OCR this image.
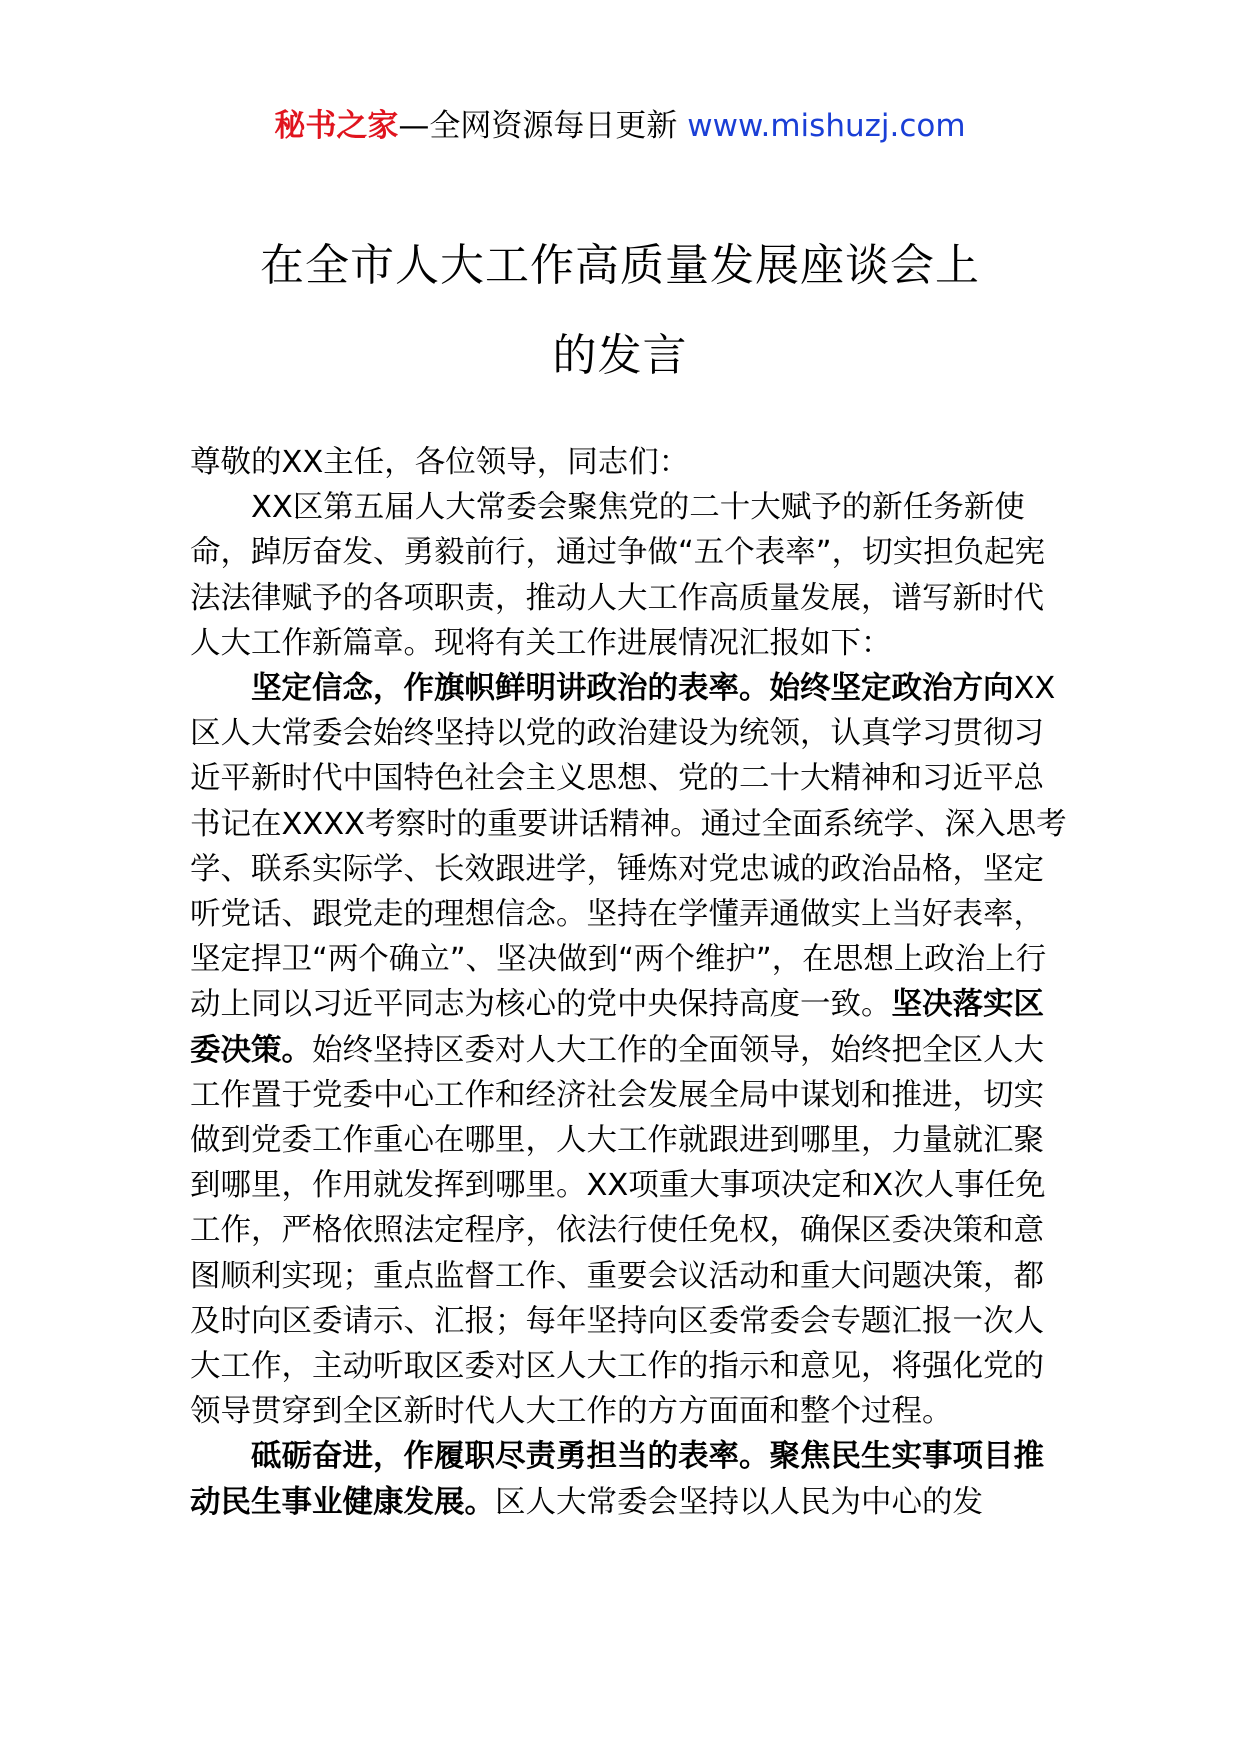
秘书之家—全网资源每日更新 www.mishuzj.com
在全市人大工作高质量发展座谈会上
的发言

尊敬的XX主任，各位领导，同志们：

XX区第五届人大常委会聚焦党的二十大赋予的新任务新使命，踔厉奋发、勇毅前行，通过争做“五个表率”，切实担负起宪法法律赋予的各项职责，推动人大工作高质量发展，谱写新时代人大工作新篇章。现将有关工作进展情况汇报如下：

坚定信念，作旗帜鲜明讲政治的表率。始终坚定政治方向XX区人大常委会始终坚持以党的政治建设为统领，认真学习贯彻习近平新时代中国特色社会主义思想、党的二十大精神和习近平总书记在XXXX考察时的重要讲话精神。通过全面系统学、深入思考学、联系实际学、长效跟进学，锤炼对党忠诚的政治品格，坚定听党话、跟党走的理想信念。坚持在学懂弄通做实上当好表率，坚定捍卫“两个确立”、坚决做到“两个维护”，在思想上政治上行动上同以习近平同志为核心的党中央保持高度一致。坚决落实区委决策。始终坚持区委对人大工作的全面领导，始终把全区人大工作置于党委中心工作和经济社会发展全局中谋划和推进，切实做到党委工作重心在哪里，人大工作就跟进到哪里，力量就汇聚到哪里，作用就发挥到哪里。XX项重大事项决定和X次人事任免工作，严格依照法定程序，依法行使任免权，确保区委决策和意图顺利实现；重点监督工作、重要会议活动和重大问题决策，都及时向区委请示、汇报；每年坚持向区委常委会专题汇报一次人大工作，主动听取区委对区人大工作的指示和意见，将强化党的领导贯穿到全区新时代人大工作的方方面面和整个过程。

砥砺奋进，作履职尽责勇担当的表率。聚焦民生实事项目推动民生事业健康发展。区人大常委会坚持以人民为中心的发
